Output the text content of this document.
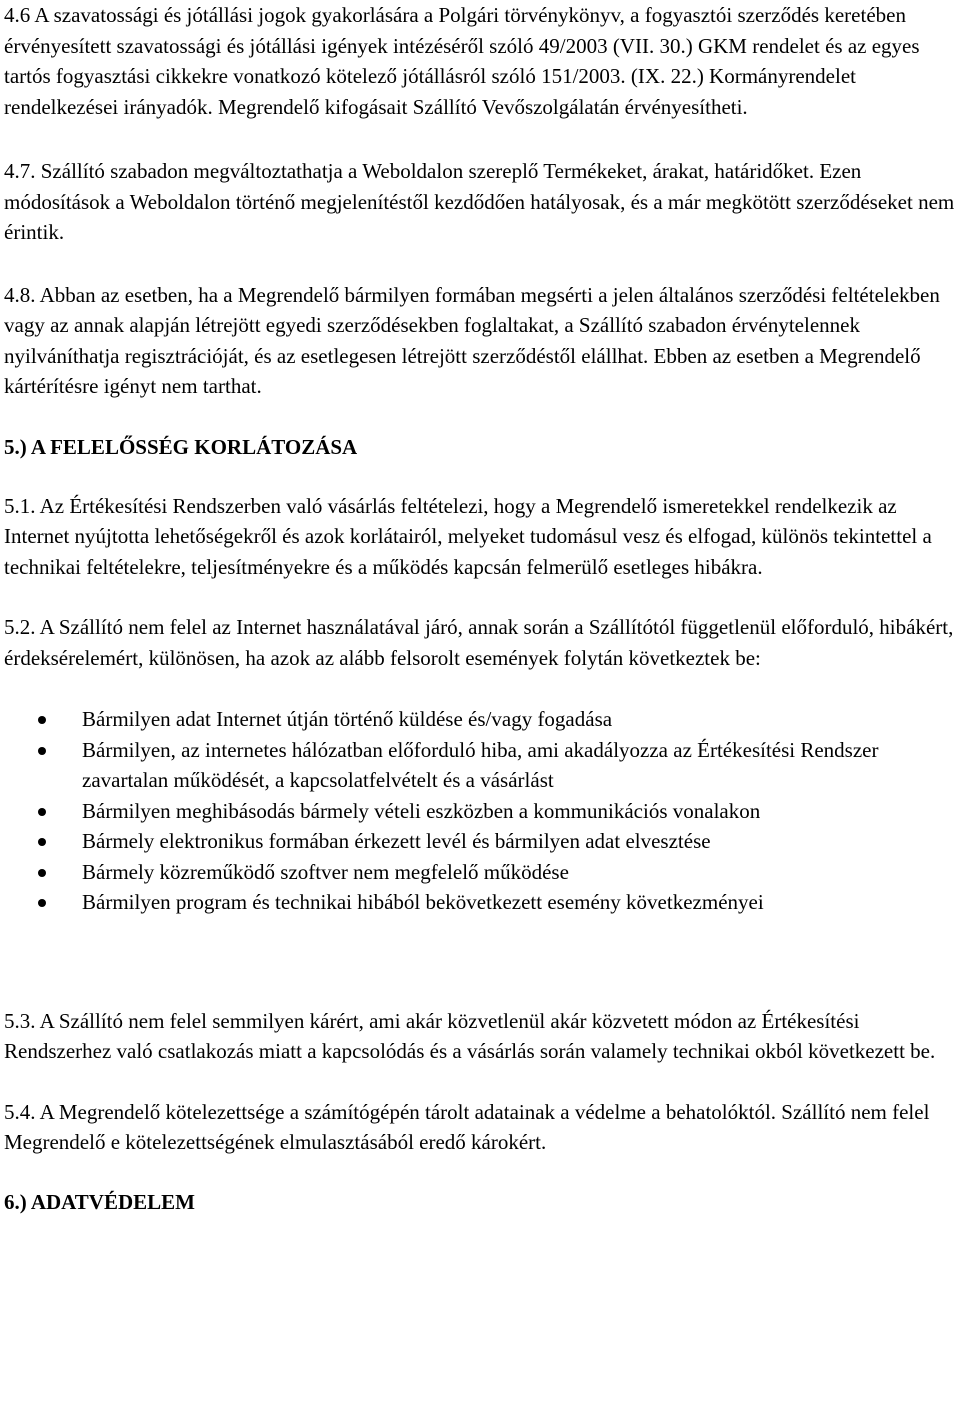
4.6 A szavatossági és jótállási jogok gyakorlására a Polgári törvénykönyv, a fogyasztói szerződés keretében érvényesített szavatossági és jótállási igények intézéséről szóló 49/2003 (VII. 30.) GKM rendelet és az egyes tartós fogyasztási cikkekre vonatkozó kötelező jótállásról szóló 151/2003. (IX. 22.) Kormányrendelet rendelkezései irányadók. Megrendelő kifogásait Szállító Vevőszolgálatán érvényesítheti.

4.7. Szállító szabadon megváltoztathatja a Weboldalon szereplő Termékeket, árakat, határidőket. Ezen módosítások a Weboldalon történő megjelenítéstől kezdődően hatályosak, és a már megkötött szerződéseket nem érintik.

4.8. Abban az esetben, ha a Megrendelő bármilyen formában megsérti a jelen általános szerződési feltételekben vagy az annak alapján létrejött egyedi szerződésekben foglaltakat, a Szállító szabadon érvénytelennek nyilváníthatja regisztrációját, és az esetlegesen létrejött szerződéstől elállhat. Ebben az esetben a Megrendelő kártérítésre igényt nem tarthat.

5.) A FELELŐSSÉG KORLÁTOZÁSA

5.1. Az Értékesítési Rendszerben való vásárlás feltételezi, hogy a Megrendelő ismeretekkel rendelkezik az Internet nyújtotta lehetőségekről és azok korlátairól, melyeket tudomásul vesz és elfogad, különös tekintettel a technikai feltételekre, teljesítményekre és a működés kapcsán felmerülő esetleges hibákra.

5.2. A Szállító nem felel az Internet használatával járó, annak során a Szállítótól függetlenül előforduló, hibákért, érdeksérelemért, különösen, ha azok az alább felsorolt események folytán következtek be:

Bármilyen adat Internet útján történő küldése és/vagy fogadása
Bármilyen, az internetes hálózatban előforduló hiba, ami akadályozza az Értékesítési Rendszer zavartalan működését, a kapcsolatfelvételt és a vásárlást
Bármilyen meghibásodás bármely vételi eszközben a kommunikációs vonalakon
Bármely elektronikus formában érkezett levél és bármilyen adat elvesztése
Bármely közreműködő szoftver nem megfelelő működése
Bármilyen program és technikai hibából bekövetkezett esemény következményei

5.3. A Szállító nem felel semmilyen kárért, ami akár közvetlenül akár közvetett módon az Értékesítési Rendszerhez való csatlakozás miatt a kapcsolódás és a vásárlás során valamely technikai okból következett be.

5.4. A Megrendelő kötelezettsége a számítógépén tárolt adatainak a védelme a behatolóktól. Szállító nem felel Megrendelő e kötelezettségének elmulasztásából eredő károkért.

6.) ADATVÉDELEM
